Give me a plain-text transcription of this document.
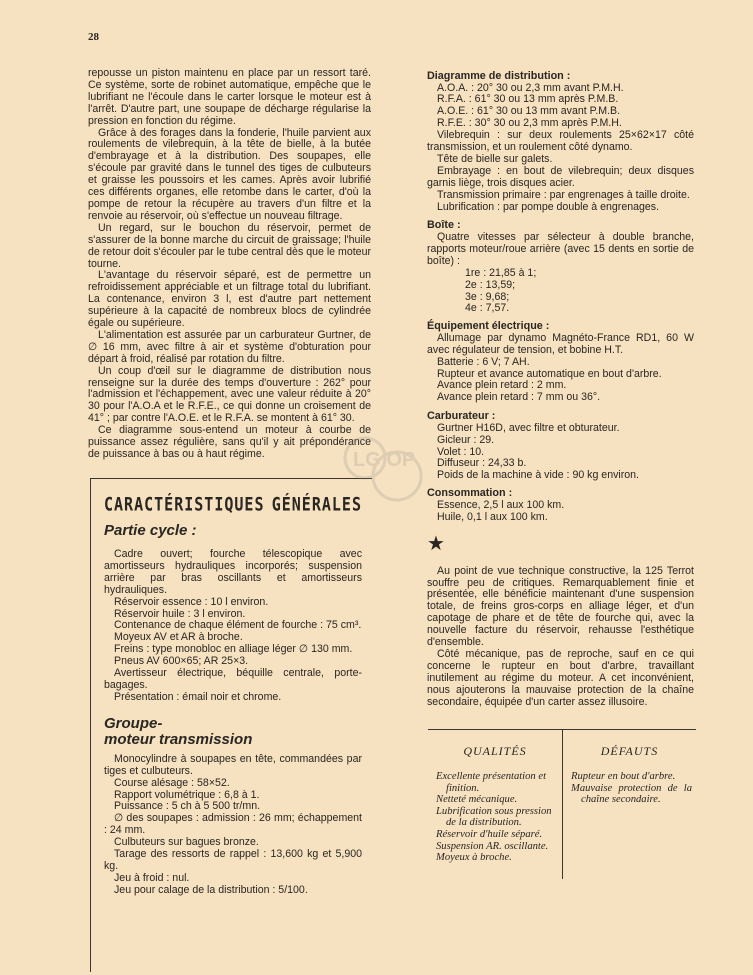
28

repousse un piston maintenu en place par un ressort taré. Ce système, sorte de robinet automatique, empêche que le lubrifiant ne l'écoule dans le carter lorsque le moteur est à l'arrêt. D'autre part, une soupape de décharge régularise la pression en fonction du régime.

Grâce à des forages dans la fonderie, l'huile parvient aux roulements de vilebrequin, à la tête de bielle, à la butée d'embrayage et à la distribution. Des soupapes, elle s'écoule par gravité dans le tunnel des tiges de culbuteurs et graisse les poussoirs et les cames. Après avoir lubrifié ces différents organes, elle retombe dans le carter, d'où la pompe de retour la récupère au travers d'un filtre et la renvoie au réservoir, où s'effectue un nouveau filtrage.

Un regard, sur le bouchon du réservoir, permet de s'assurer de la bonne marche du circuit de graissage; l'huile de retour doit s'écouler par le tube central dès que le moteur tourne.

L'avantage du réservoir séparé, est de permettre un refroidissement appréciable et un filtrage total du lubrifiant. La contenance, environ 3 l, est d'autre part nettement supérieure à la capacité de nombreux blocs de cylindrée égale ou supérieure.

L'alimentation est assurée par un carburateur Gurtner, de ∅ 16 mm, avec filtre à air et système d'obturation pour départ à froid, réalisé par rotation du filtre.

Un coup d'œil sur le diagramme de distribution nous renseigne sur la durée des temps d'ouverture : 262° pour l'admission et l'échappement, avec une valeur réduite à 20° 30 pour l'A.O.A et le R.F.E., ce qui donne un croisement de 41° ; par contre l'A.O.E. et le R.F.A. se montent à 61° 30.

Ce diagramme sous-entend un moteur à courbe de puissance assez régulière, sans qu'il y ait prépondérance de puissance à bas ou à haut régime.

CARACTÉRISTIQUES GÉNÉRALES
Partie cycle :

Cadre ouvert; fourche télescopique avec amortisseurs hydrauliques incorporés; suspension arrière par bras oscillants et amortisseurs hydrauliques.

Réservoir essence : 10 l environ.
Réservoir huile : 3 l environ.

Contenance de chaque élément de fourche : 75 cm³.

Moyeux AV et AR à broche.
Freins : type monobloc en alliage léger ∅ 130 mm.
Pneus AV 600×65; AR 25×3.

Avertisseur électrique, béquille centrale, porte-bagages.

Présentation : émail noir et chrome.
Groupe-
moteur transmission

Monocylindre à soupapes en tête, commandées par tiges et culbuteurs.

Course alésage : 58×52.
Rapport volumétrique : 6,8 à 1.
Puissance : 5 ch à 5 500 tr/mn.

∅ des soupapes : admission : 26 mm; échappement : 24 mm.

Culbuteurs sur bagues bronze.

Tarage des ressorts de rappel : 13,600 kg et 5,900 kg.

Jeu à froid : nul.
Jeu pour calage de la distribution : 5/100.
LG OP
Diagramme de distribution :
A.O.A. : 20° 30 ou 2,3 mm avant P.M.H.
R.F.A. : 61° 30 ou 13 mm après P.M.B.
A.O.E. : 61° 30 ou 13 mm avant P.M.B.
R.F.E. : 30° 30 ou 2,3 mm après P.M.H.

Vilebrequin : sur deux roulements 25×62×17 côté transmission, et un roulement côté dynamo.

Tête de bielle sur galets.

Embrayage : en bout de vilebrequin; deux disques garnis liège, trois disques acier.

Transmission primaire : par engrenages à taille droite.

Lubrification : par pompe double à engrenages.
Boîte :

Quatre vitesses par sélecteur à double branche, rapports moteur/roue arrière (avec 15 dents en sortie de boîte) :

1re : 21,85 à 1;
2e : 13,59;
3e : 9,68;
4e : 7,57.
Équipement électrique :

Allumage par dynamo Magnéto-France RD1, 60 W avec régulateur de tension, et bobine H.T.

Batterie : 6 V; 7 AH.
Rupteur et avance automatique en bout d'arbre.
Avance plein retard : 2 mm.
Avance plein retard : 7 mm ou 36°.
Carburateur :
Gurtner H16D, avec filtre et obturateur.
Gicleur : 29.
Volet : 10.
Diffuseur : 24,33 b.
Poids de la machine à vide : 90 kg environ.
Consommation :
Essence, 2,5 l aux 100 km.
Huile, 0,1 l aux 100 km.
★

Au point de vue technique constructive, la 125 Terrot souffre peu de critiques. Remarquablement finie et présentée, elle bénéficie maintenant d'une suspension totale, de freins gros-corps en alliage léger, et d'un capotage de phare et de tête de fourche qui, avec la nouvelle facture du réservoir, rehausse l'esthétique d'ensemble.

Côté mécanique, pas de reproche, sauf en ce qui concerne le rupteur en bout d'arbre, travaillant inutilement au régime du moteur. A cet inconvénient, nous ajouterons la mauvaise protection de la chaîne secondaire, équipée d'un carter assez illusoire.

QUALITÉS
Excellente présentation et finition.
Netteté mécanique.
Lubrification sous pression de la distribution.
Réservoir d'huile séparé.
Suspension AR. oscillante.
Moyeux à broche.
DÉFAUTS
Rupteur en bout d'arbre.
Mauvaise protection de la chaîne secondaire.
